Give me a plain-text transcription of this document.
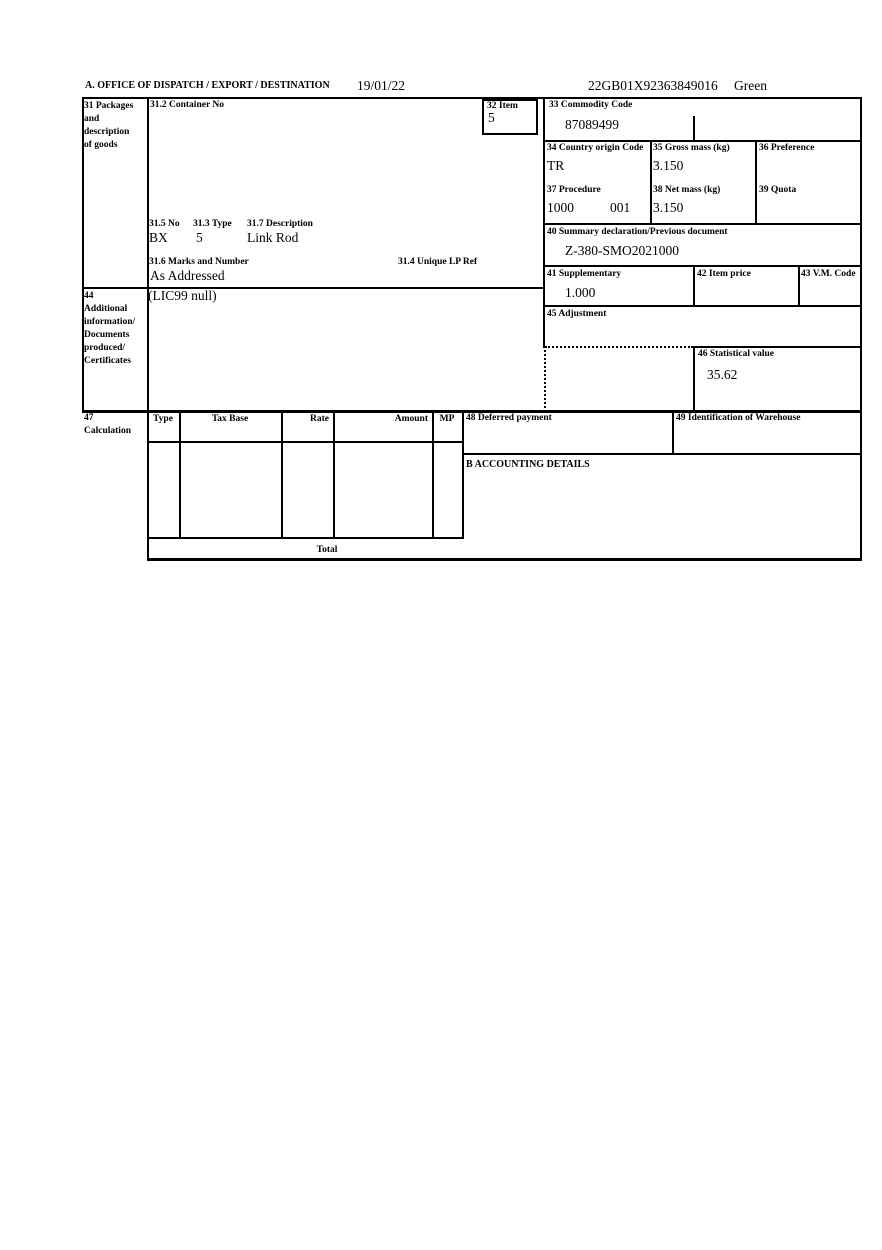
A. OFFICE OF DISPATCH / EXPORT / DESTINATION 19/01/22	22GB01X92363849016 Green
31 Packages
and
description
of goods
31.2 Container No	32 Item
5
33 Commodity Code
87089499
34 Country origin Code
TR
35 Gross mass (kg)
3.150
36 Preference
37 Procedure
1000	001
38 Net mass (kg)
3.150
39 Quota
31.5 No 31.3 Type 31.7 Description
BX 5	Link Rod
31.6 Marks and Number	31.4 Unique LP Ref
As Addressed
40 Summary declaration/Previous document
Z-380-SMO2021000
41 Supplementary
1.000
42 Item price	43 V.M. Code
44
Additional
information/
Documents
produced/
Certificates
(LIC99 null)
45 Adjustment
46 Statistical value
35.62
47
Calculation
Type	Tax Base	Rate	Amount	MP
Total
48 Deferred payment	49 Identification of Warehouse
B ACCOUNTING DETAILS
